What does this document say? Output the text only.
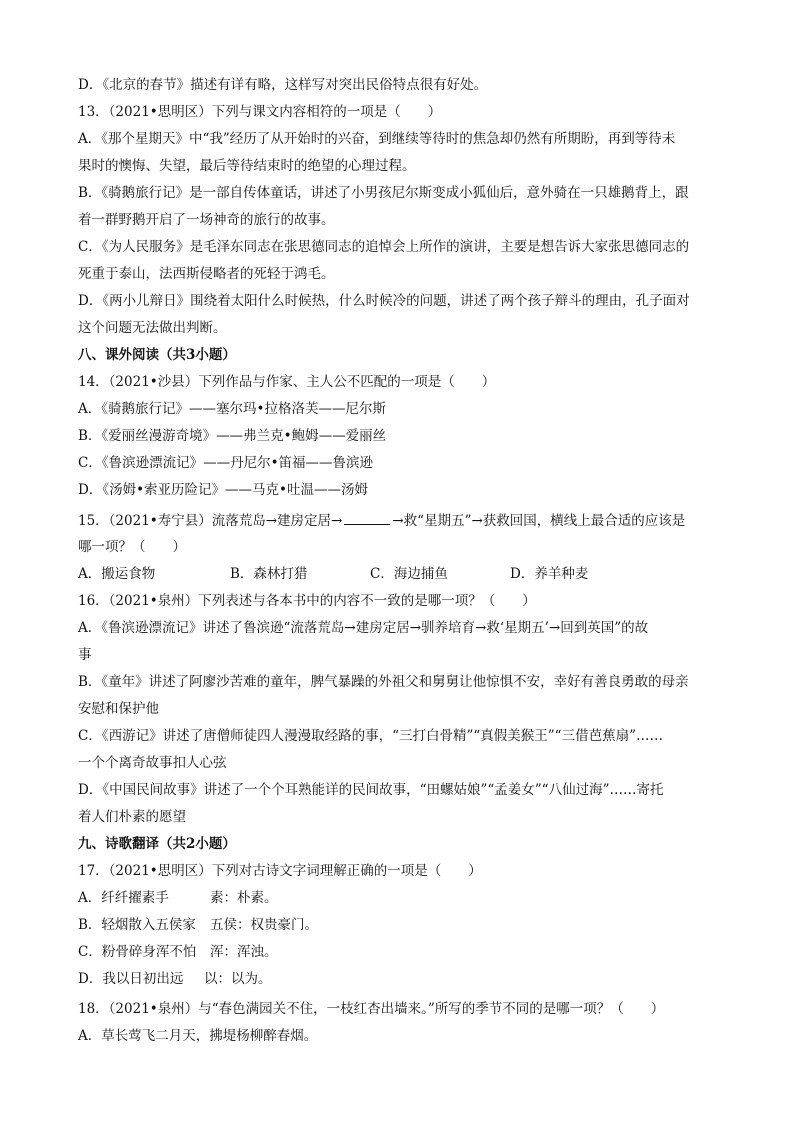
D．《北京的春节》描述有详有略，这样写对突出民俗特点很有好处。
13．（2021•思明区）下列与课文内容相符的一项是（　　）
A．《那个星期天》中“我”经历了从开始时的兴奋，到继续等待时的焦急却仍然有所期盼，再到等待未
果时的懊悔、失望，最后等待结束时的绝望的心理过程。
B．《骑鹅旅行记》是一部自传体童话，讲述了小男孩尼尔斯变成小狐仙后，意外骑在一只雄鹅背上，跟
着一群野鹅开启了一场神奇的旅行的故事。
C．《为人民服务》是毛泽东同志在张思德同志的追悼会上所作的演讲，主要是想告诉大家张思德同志的
死重于泰山，法西斯侵略者的死轻于鸿毛。
D．《两小儿辩日》围绕着太阳什么时候热，什么时候冷的问题，讲述了两个孩子辩斗的理由，孔子面对
这个问题无法做出判断。
八、课外阅读（共3小题）
14．（2021•沙县）下列作品与作家、主人公不匹配的一项是（　　）
A．《骑鹅旅行记》——塞尔玛•拉格洛芙——尼尔斯
B．《爱丽丝漫游奇境》——弗兰克•鲍姆——爱丽丝
C．《鲁滨逊漂流记》——丹尼尔•笛福——鲁滨逊
D．《汤姆•索亚历险记》——马克•吐温——汤姆
15．（2021•寿宁县）流落荒岛→建房定居→	→救“星期五”→获救回国，横线上最合适的应该是
哪一项？（　　）
A．搬运食物	B．森林打猎	C．海边捕鱼	D．养羊种麦
16．（2021•泉州）下列表述与各本书中的内容不一致的是哪一项？（　　）
A．《鲁滨逊漂流记》讲述了鲁滨逊“流落荒岛→建房定居→驯养培育→救‘星期五’→回到英国”的故
事
B．《童年》讲述了阿廖沙苦难的童年，脾气暴躁的外祖父和舅舅让他惊惧不安，幸好有善良勇敢的母亲
安慰和保护他
C．《西游记》讲述了唐僧师徒四人漫漫取经路的事，“三打白骨精”“真假美猴王”“三借芭蕉扇”……
一个个离奇故事扣人心弦
D．《中国民间故事》讲述了一个个耳熟能详的民间故事，“田螺姑娘”“孟姜女”“八仙过海”……寄托
着人们朴素的愿望
九、诗歌翻译（共2小题）
17．（2021•思明区）下列对古诗文字词理解正确的一项是（　　）
A．纤纤擢素手	素：朴素。
B．轻烟散入五侯家 五侯：权贵豪门。
C．粉骨碎身浑不怕 浑：浑浊。
D．我以日初出远 以：以为。
18．（2021•泉州）与“春色满园关不住，一枝红杏出墙来。”所写的季节不同的是哪一项？（　　）
A．草长莺飞二月天，拂堤杨柳醉春烟。
